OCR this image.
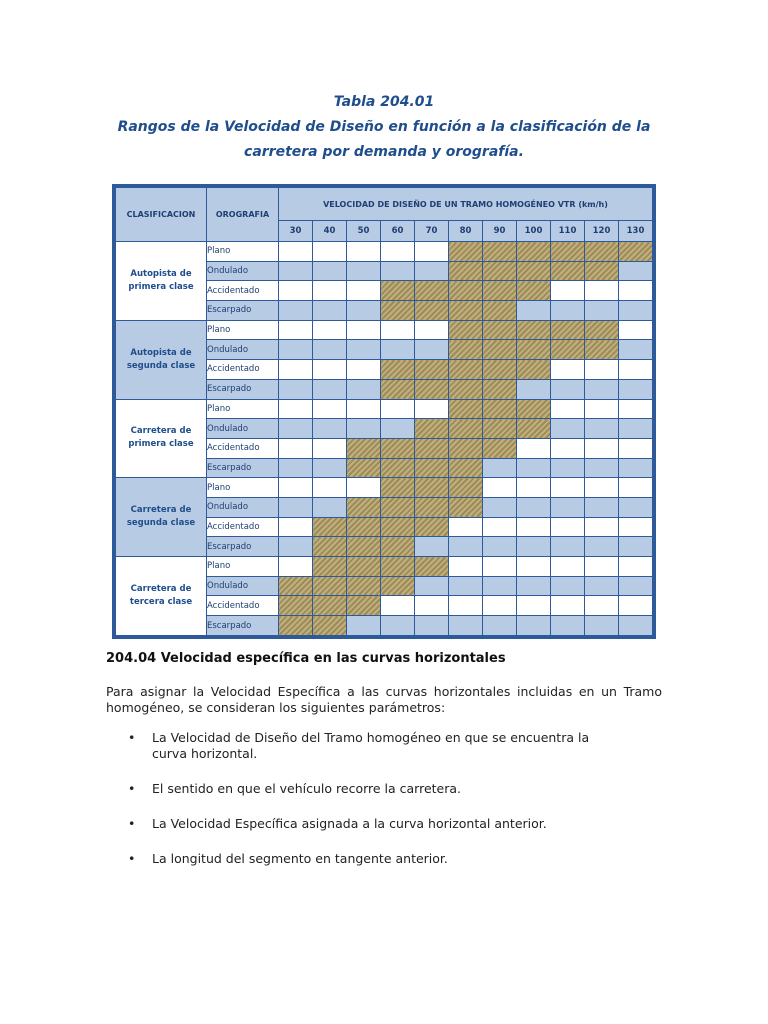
Tabla 204.01
Rangos de la Velocidad de Diseño en función a la clasificación de la
carretera por demanda y orografía.
CLASIFICACION	OROGRAFIA	VELOCIDAD DE DISEÑO DE UN TRAMO HOMOGÉNEO VTR (km/h)										
		30	40	50	60	70	80	90	100	110	120	130
Autopista de primera clase	Plano											
	Ondulado											
	Accidentado											
	Escarpado											
Autopista de segunda clase	Plano											
	Ondulado											
	Accidentado											
	Escarpado											
Carretera de primera clase	Plano											
	Ondulado											
	Accidentado											
	Escarpado											
Carretera de segunda clase	Plano											
	Ondulado											
	Accidentado											
	Escarpado											
Carretera de tercera clase	Plano											
	Ondulado											
	Accidentado											
	Escarpado											
204.04 Velocidad específica en las curvas horizontales
Para asignar la Velocidad Específica a las curvas horizontales incluidas en un Tramo homogéneo, se consideran los siguientes parámetros:
• La Velocidad de Diseño del Tramo homogéneo en que se encuentra la curva horizontal.
• El sentido en que el vehículo recorre la carretera.
• La Velocidad Específica asignada a la curva horizontal anterior.
• La longitud del segmento en tangente anterior.
